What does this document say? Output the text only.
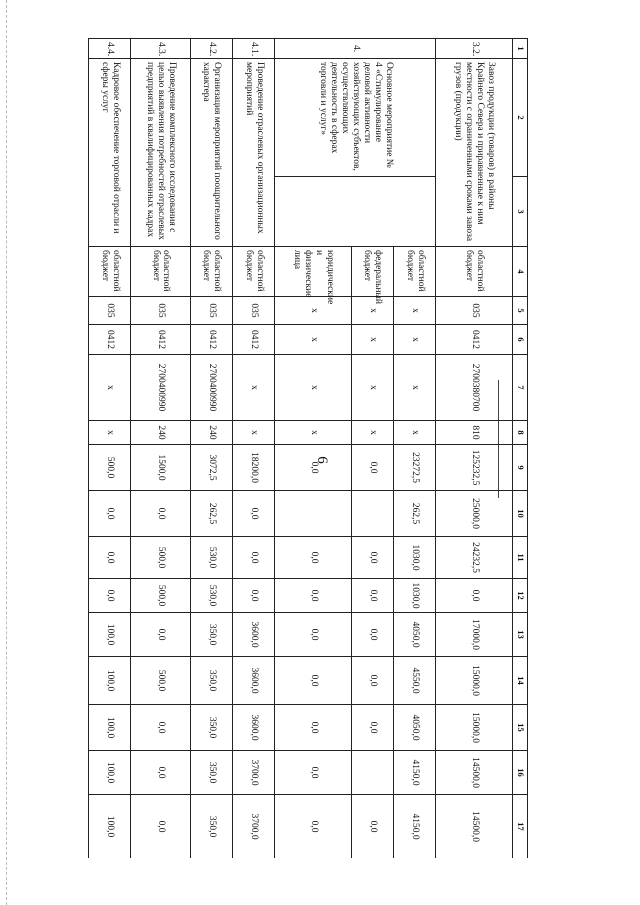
6
1	2	3	4	5	6	7	8	9	10	11	12	13	14	15	16	17
3.2.	Завоз продукции (товаров) в районы Крайнего Севера и приравненные к ним местности с ограниченными сроками завоза грузов (продукции)		областной бюджет	035	0412	2700380700	810	125232,5	25000,0	24232,5	0,0	17000,0	15000,0	15000,0	14500,0	14500,0
4.	Основное мероприятие № 4 «Стимулирование деловой активности хозяйствующих субъектов, осуществляющих деятельность в сферах торговли и услуг»		областной бюджет	х	х	х	х	23272,5	262,5	1030,0	1030,0	4050,0	4550,0	4050,0	4150,0	4150,0
			федеральный бюджет	х	х	х	х	0,0		0,0	0,0	0,0	0,0	0,0		0,0
			юридические и физические лица	х	х	х	х	0,0		0,0	0,0	0,0	0,0	0,0	0,0	0,0
4.1.	Проведение отраслевых организационных мероприятий		областной бюджет	035	0412	х	х	18200,0	0,0	0,0	0,0	3600,0	3600,0	3600,0	3700,0	3700,0
4.2.	Организация мероприятий поощрительного характера		областной бюджет	035	0412	2700400990	240	3072,5	262,5	530,0	530,0	350,0	350,0	350,0	350,0	350,0
4.3.	Проведение комплексного исследования с целью выявления потребностей отраслевых предприятий в квалифицированных кадрах		областной бюджет	035	0412	2700400990	240	1500,0	0,0	500,0	500,0	0,0	500,0	0,0	0,0	0,0
4.4.	Кадровое обеспечение торговой отрасли и сферы услуг		областной бюджет	035	0412	х	х	500,0	0,0	0,0	0,0	100,0	100,0	100,0	100,0	100,0
